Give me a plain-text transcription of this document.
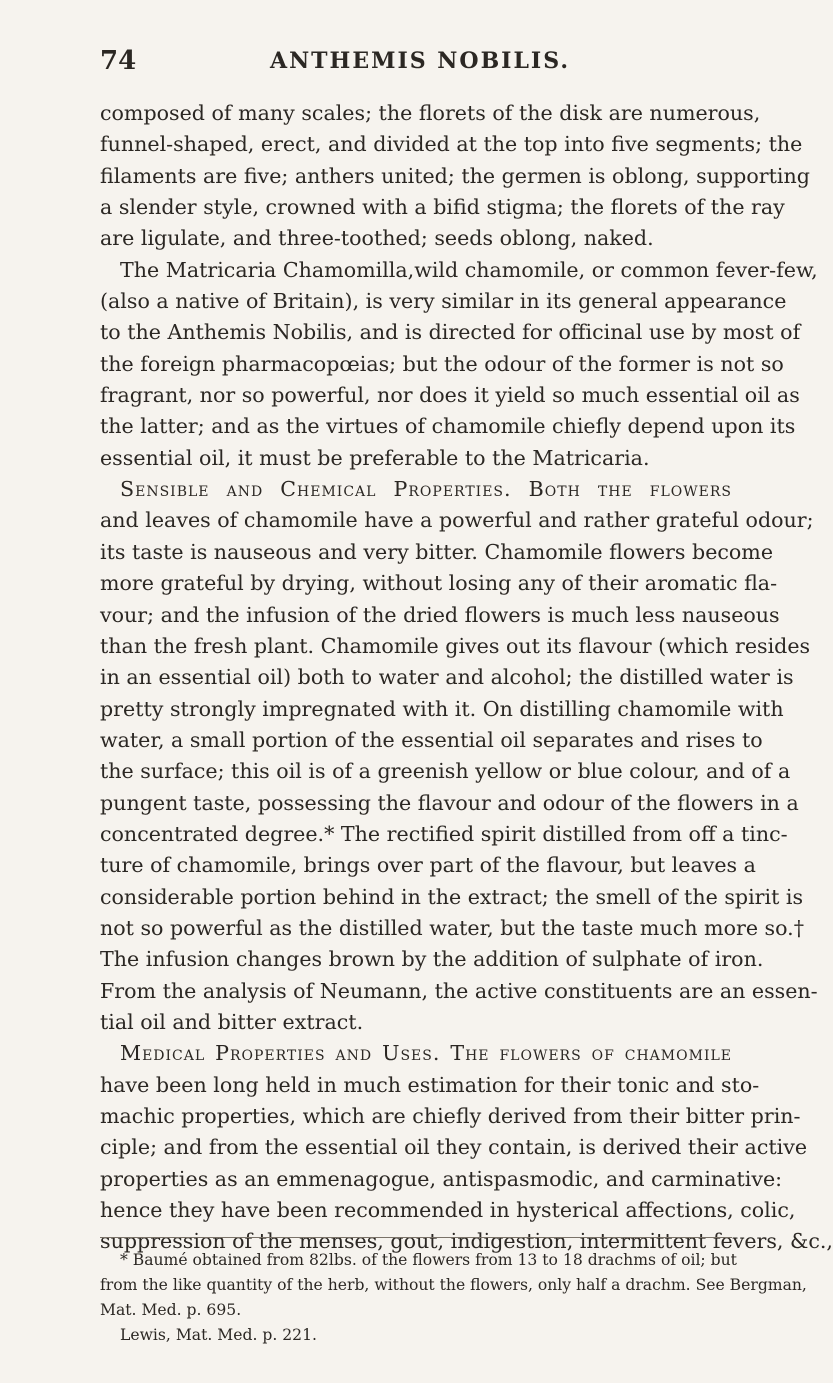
74	ANTHEMIS NOBILIS.
composed of many scales; the florets of the disk are numerous,
funnel-shaped, erect, and divided at the top into five segments; the
filaments are five; anthers united; the germen is oblong, supporting
a slender style, crowned with a bifid stigma; the florets of the ray
are ligulate, and three-toothed; seeds oblong, naked.
The Matricaria Chamomilla,wild chamomile, or common fever-few,
(also a native of Britain), is very similar in its general appearance
to the Anthemis Nobilis, and is directed for officinal use by most of
the foreign pharmacopœias; but the odour of the former is not so
fragrant, nor so powerful, nor does it yield so much essential oil as
the latter; and as the virtues of chamomile chiefly depend upon its
essential oil, it must be preferable to the Matricaria.
Sensible and Chemical Properties. Both the flowers
and leaves of chamomile have a powerful and rather grateful odour;
its taste is nauseous and very bitter. Chamomile flowers become
more grateful by drying, without losing any of their aromatic fla-
vour; and the infusion of the dried flowers is much less nauseous
than the fresh plant. Chamomile gives out its flavour (which resides
in an essential oil) both to water and alcohol; the distilled water is
pretty strongly impregnated with it. On distilling chamomile with
water, a small portion of the essential oil separates and rises to
the surface; this oil is of a greenish yellow or blue colour, and of a
pungent taste, possessing the flavour and odour of the flowers in a
concentrated degree.* The rectified spirit distilled from off a tinc-
ture of chamomile, brings over part of the flavour, but leaves a
considerable portion behind in the extract; the smell of the spirit is
not so powerful as the distilled water, but the taste much more so.†
The infusion changes brown by the addition of sulphate of iron.
From the analysis of Neumann, the active constituents are an essen-
tial oil and bitter extract.
Medical Properties and Uses. The flowers of chamomile
have been long held in much estimation for their tonic and sto-
machic properties, which are chiefly derived from their bitter prin-
ciple; and from the essential oil they contain, is derived their active
properties as an emmenagogue, antispasmodic, and carminative:
hence they have been recommended in hysterical affections, colic,
suppression of the menses, gout, indigestion, intermittent fevers, &c.,
* Baumé obtained from 82lbs. of the flowers from 13 to 18 drachms of oil; but
from the like quantity of the herb, without the flowers, only half a drachm. See Bergman,
Mat. Med. p. 695.
Lewis, Mat. Med. p. 221.
